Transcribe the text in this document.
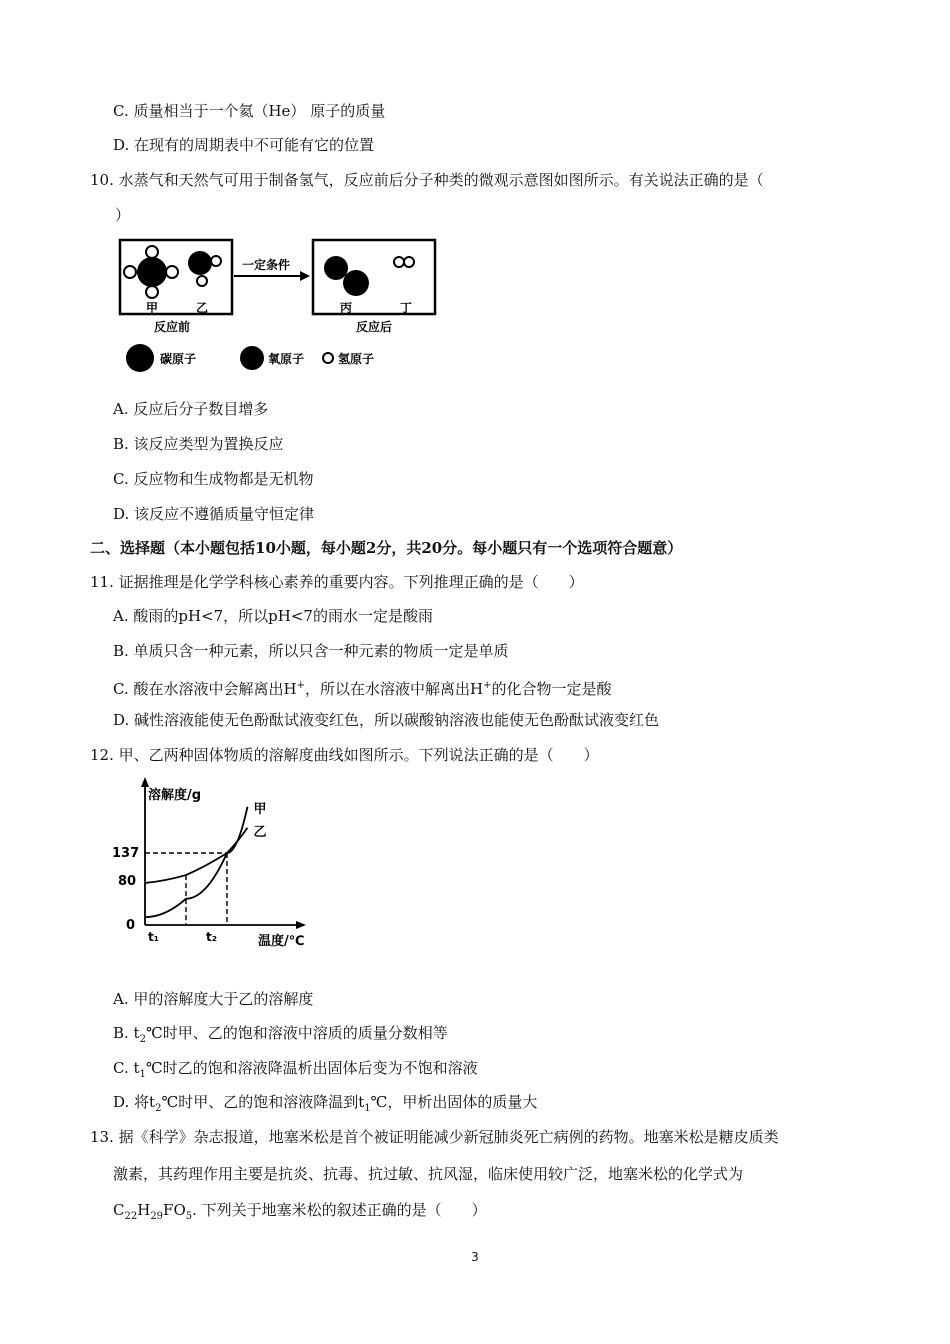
C. 质量相当于一个氦（He） 原子的质量
D. 在现有的周期表中不可能有它的位置
10. 水蒸气和天然气可用于制备氢气，反应前后分子种类的微观示意图如图所示。有关说法正确的是（
）
甲	乙
反应前
一定条件
丙	丁
反应后
碳原子	氧原子	氢原子
A. 反应后分子数目增多
B. 该反应类型为置换反应
C. 反应物和生成物都是无机物
D. 该反应不遵循质量守恒定律
二、选择题（本小题包括10小题，每小题2分，共20分。每小题只有一个选项符合题意）
11. 证据推理是化学学科核心素养的重要内容。下列推理正确的是（　　）
A. 酸雨的pH<7，所以pH<7的雨水一定是酸雨
B. 单质只含一种元素，所以只含一种元素的物质一定是单质
C. 酸在水溶液中会解离出H+，所以在水溶液中解离出H+的化合物一定是酸
D. 碱性溶液能使无色酚酞试液变红色，所以碳酸钠溶液也能使无色酚酞试液变红色
12. 甲、乙两种固体物质的溶解度曲线如图所示。下列说法正确的是（　　）
溶解度/g
温度/℃
0
80
137
t₁	t₂
甲
乙
A. 甲的溶解度大于乙的溶解度
B. $t_2℃$时甲、乙的饱和溶液中溶质的质量分数相等
C. $t_1℃$时乙的饱和溶液降温析出固体后变为不饱和溶液
D. 将$t_2℃$时甲、乙的饱和溶液降温到$t_1℃$，甲析出固体的质量大
13. 据《科学》杂志报道，地塞米松是首个被证明能减少新冠肺炎死亡病例的药物。地塞米松是糖皮质类
激素，其药理作用主要是抗炎、抗毒、抗过敏、抗风湿，临床使用较广泛，地塞米松的化学式为
$C_{22}H_{29}FO_5$. 下列关于地塞米松的叙述正确的是（　　）
3
